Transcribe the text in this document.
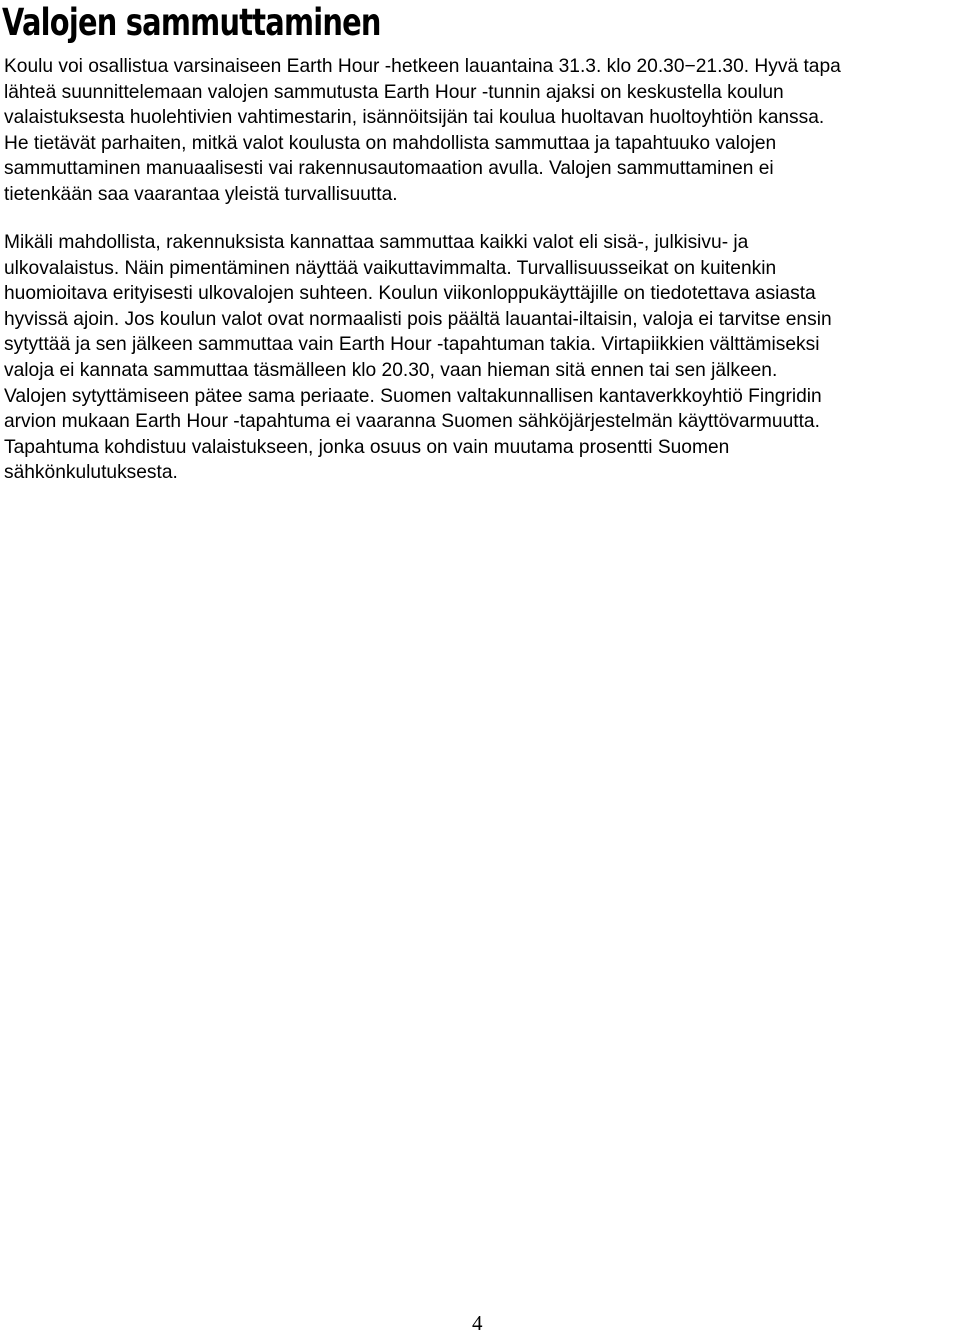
Valojen sammuttaminen

Koulu voi osallistua varsinaiseen Earth Hour -hetkeen lauantaina 31.3. klo 20.30−21.30. Hyvä tapa
lähteä suunnittelemaan valojen sammutusta Earth Hour -tunnin ajaksi on keskustella koulun
valaistuksesta huolehtivien vahtimestarin, isännöitsijän tai koulua huoltavan huoltoyhtiön kanssa.
He tietävät parhaiten, mitkä valot koulusta on mahdollista sammuttaa ja tapahtuuko valojen
sammuttaminen manuaalisesti vai rakennusautomaation avulla. Valojen sammuttaminen ei
tietenkään saa vaarantaa yleistä turvallisuutta.

Mikäli mahdollista, rakennuksista kannattaa sammuttaa kaikki valot eli sisä-, julkisivu- ja
ulkovalaistus. Näin pimentäminen näyttää vaikuttavimmalta. Turvallisuusseikat on kuitenkin
huomioitava erityisesti ulkovalojen suhteen. Koulun viikonloppukäyttäjille on tiedotettava asiasta
hyvissä ajoin. Jos koulun valot ovat normaalisti pois päältä lauantai-iltaisin, valoja ei tarvitse ensin
sytyttää ja sen jälkeen sammuttaa vain Earth Hour -tapahtuman takia. Virtapiikkien välttämiseksi
valoja ei kannata sammuttaa täsmälleen klo 20.30, vaan hieman sitä ennen tai sen jälkeen.
Valojen sytyttämiseen pätee sama periaate. Suomen valtakunnallisen kantaverkkoyhtiö Fingridin
arvion mukaan Earth Hour -tapahtuma ei vaaranna Suomen sähköjärjestelmän käyttövarmuutta.
Tapahtuma kohdistuu valaistukseen, jonka osuus on vain muutama prosentti Suomen
sähkönkulutuksesta.

4
